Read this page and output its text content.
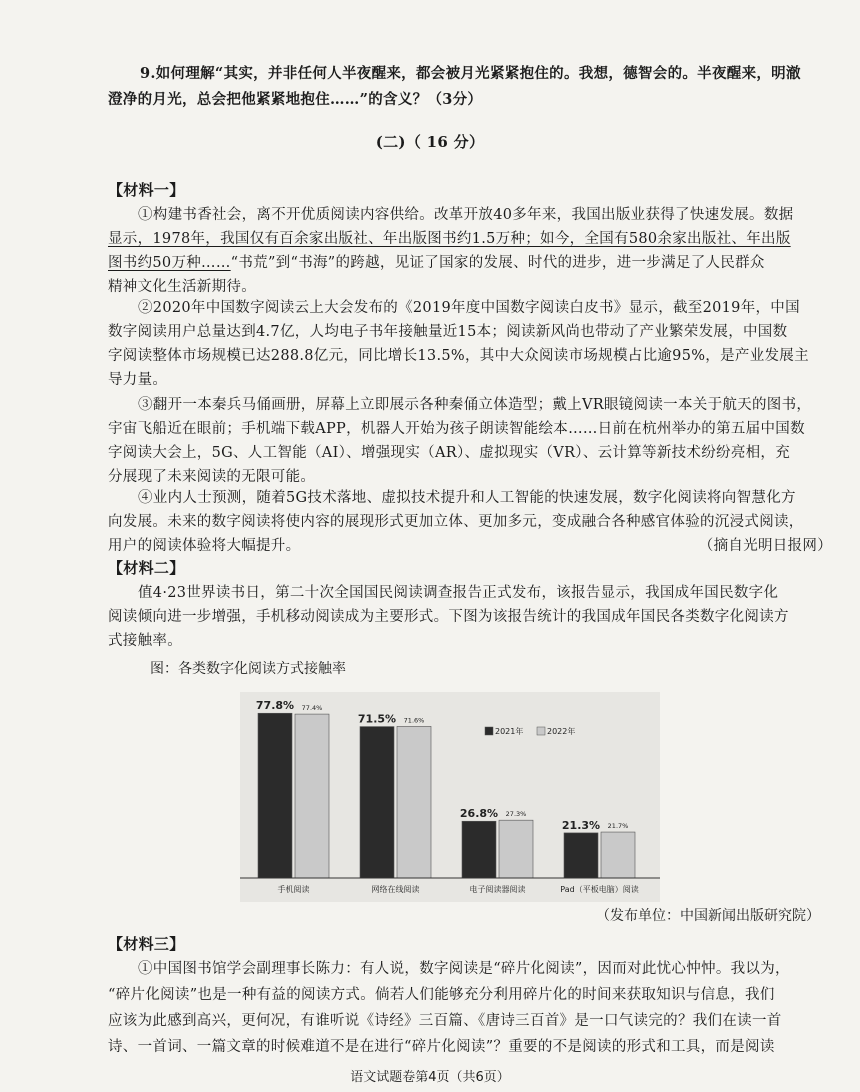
9.如何理解“其实，并非任何人半夜醒来，都会被月光紧紧抱住的。我想，德智会的。半夜醒来，明澈
澄净的月光，总会把他紧紧地抱住……”的含义？（3分）
(二)（ 16 分）
【材料一】
①构建书香社会，离不开优质阅读内容供给。改革开放40多年来，我国出版业获得了快速发展。数据
显示，1978年，我国仅有百余家出版社、年出版图书约1.5万种；如今，全国有580余家出版社、年出版
图书约50万种……“书荒”到“书海”的跨越，见证了国家的发展、时代的进步，进一步满足了人民群众
精神文化生活新期待。
②2020年中国数字阅读云上大会发布的《2019年度中国数字阅读白皮书》显示，截至2019年，中国
数字阅读用户总量达到4.7亿，人均电子书年接触量近15本；阅读新风尚也带动了产业繁荣发展，中国数
字阅读整体市场规模已达288.8亿元，同比增长13.5%，其中大众阅读市场规模占比逾95%，是产业发展主
导力量。
③翻开一本秦兵马俑画册，屏幕上立即展示各种秦俑立体造型；戴上VR眼镜阅读一本关于航天的图书，
宇宙飞船近在眼前；手机端下载APP，机器人开始为孩子朗读智能绘本……日前在杭州举办的第五届中国数
字阅读大会上，5G、人工智能（AI）、增强现实（AR）、虚拟现实（VR）、云计算等新技术纷纷亮相，充
分展现了未来阅读的无限可能。
④业内人士预测，随着5G技术落地、虚拟技术提升和人工智能的快速发展，数字化阅读将向智慧化方
向发展。未来的数字阅读将使内容的展现形式更加立体、更加多元，变成融合各种感官体验的沉浸式阅读，
用户的阅读体验将大幅提升。	（摘自光明日报网）
【材料二】
值4·23世界读书日，第二十次全国国民阅读调查报告正式发布，该报告显示，我国成年国民数字化
阅读倾向进一步增强，手机移动阅读成为主要形式。下图为该报告统计的我国成年国民各类数字化阅读方
式接触率。
图：各类数字化阅读方式接触率
77.8% 77.4%
手机阅读
71.5% 71.6%
网络在线阅读
26.8% 27.3%
电子阅读器阅读
21.3% 21.7%
Pad（平板电脑）阅读
2021年	2022年
（发布单位：中国新闻出版研究院）
【材料三】
①中国图书馆学会副理事长陈力：有人说，数字阅读是“碎片化阅读”，因而对此忧心忡忡。我以为，
“碎片化阅读”也是一种有益的阅读方式。倘若人们能够充分利用碎片化的时间来获取知识与信息，我们
应该为此感到高兴，更何况，有谁听说《诗经》三百篇、《唐诗三百首》是一口气读完的？我们在读一首
诗、一首词、一篇文章的时候难道不是在进行“碎片化阅读”？重要的不是阅读的形式和工具，而是阅读
语文试题卷第4页（共6页）
